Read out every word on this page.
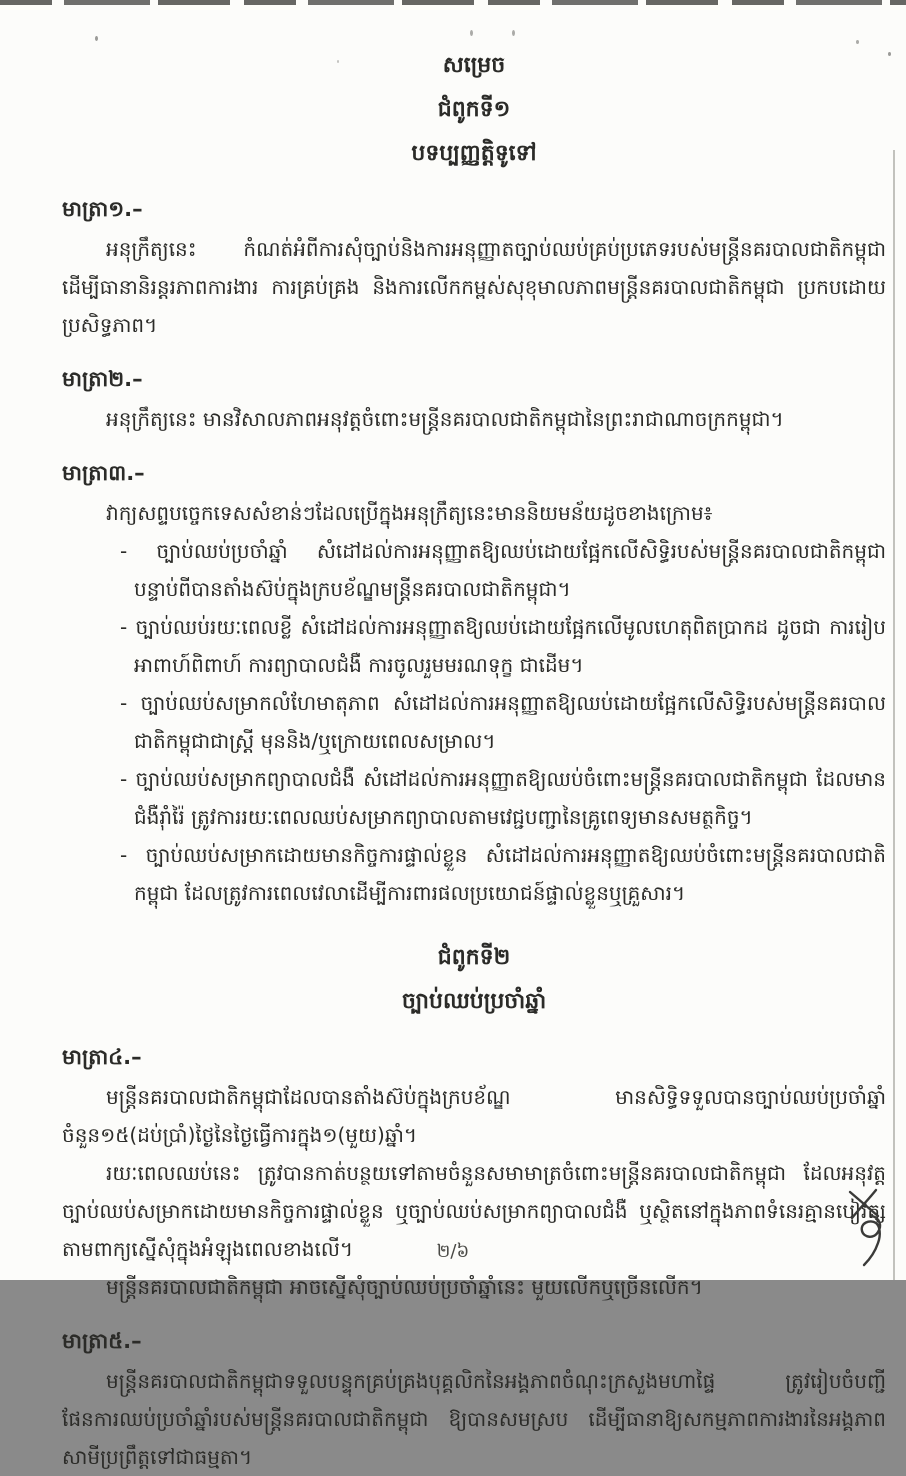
សម្រេច
ជំពូកទី១
បទប្បញ្ញត្តិទូទៅ
មាត្រា១.–

អនុក្រឹត្យនេះ កំណត់អំពីការសុំច្បាប់និងការអនុញ្ញាតច្បាប់ឈប់គ្រប់ប្រភេទរបស់មន្ត្រីនគរបាលជាតិកម្ពុជា ដើម្បីធានានិរន្តរភាពការងារ ការគ្រប់គ្រង និងការលើកកម្ពស់សុខុមាលភាពមន្ត្រីនគរបាលជាតិកម្ពុជា ប្រកបដោយប្រសិទ្ធភាព។

មាត្រា២.–

អនុក្រឹត្យនេះ មានវិសាលភាពអនុវត្តចំពោះមន្ត្រីនគរបាលជាតិកម្ពុជានៃព្រះរាជាណាចក្រកម្ពុជា។

មាត្រា៣.–

វាក្យសព្ទបច្ចេកទេសសំខាន់ៗដែលប្រើក្នុងអនុក្រឹត្យនេះមាននិយមន័យដូចខាងក្រោម៖

- ច្បាប់ឈប់ប្រចាំឆ្នាំ សំដៅដល់ការអនុញ្ញាតឱ្យឈប់ដោយផ្អែកលើសិទ្ធិរបស់មន្ត្រីនគរបាលជាតិកម្ពុជា បន្ទាប់ពីបានតាំងស៊ប់ក្នុងក្របខ័ណ្ឌមន្ត្រីនគរបាលជាតិកម្ពុជា។
- ច្បាប់ឈប់រយៈពេលខ្លី សំដៅដល់ការអនុញ្ញាតឱ្យឈប់ដោយផ្អែកលើមូលហេតុពិតប្រាកដ ដូចជា ការរៀបអាពាហ៍ពិពាហ៍ ការព្យាបាលជំងឺ ការចូលរួមមរណទុក្ខ ជាដើម។
- ច្បាប់ឈប់សម្រាកលំហែមាតុភាព សំដៅដល់ការអនុញ្ញាតឱ្យឈប់ដោយផ្អែកលើសិទ្ធិរបស់មន្ត្រីនគរបាលជាតិកម្ពុជាជាស្ត្រី មុននិង/ឬក្រោយពេលសម្រាល។
- ច្បាប់ឈប់សម្រាកព្យាបាលជំងឺ សំដៅដល់ការអនុញ្ញាតឱ្យឈប់ចំពោះមន្ត្រីនគរបាលជាតិកម្ពុជា ដែលមានជំងឺរ៉ាំរ៉ៃ ត្រូវការរយៈពេលឈប់សម្រាកព្យាបាលតាមវេជ្ជបញ្ជានៃគ្រូពេទ្យមានសមត្ថកិច្ច។
- ច្បាប់ឈប់សម្រាកដោយមានកិច្ចការផ្ទាល់ខ្លួន សំដៅដល់ការអនុញ្ញាតឱ្យឈប់ចំពោះមន្ត្រីនគរបាលជាតិកម្ពុជា ដែលត្រូវការពេលវេលាដើម្បីការពារផលប្រយោជន៍ផ្ទាល់ខ្លួនឬគ្រួសារ។
ជំពូកទី២
ច្បាប់ឈប់ប្រចាំឆ្នាំ
មាត្រា៤.–

មន្ត្រីនគរបាលជាតិកម្ពុជាដែលបានតាំងស៊ប់ក្នុងក្របខ័ណ្ឌ មានសិទ្ធិទទួលបានច្បាប់ឈប់ប្រចាំឆ្នាំ ចំនួន១៥(ដប់ប្រាំ)ថ្ងៃនៃថ្ងៃធ្វើការក្នុង១(មួយ)ឆ្នាំ។

រយៈពេលឈប់នេះ ត្រូវបានកាត់បន្ថយទៅតាមចំនួនសមាមាត្រចំពោះមន្ត្រីនគរបាលជាតិកម្ពុជា ដែលអនុវត្តច្បាប់ឈប់សម្រាកដោយមានកិច្ចការផ្ទាល់ខ្លួន ឬច្បាប់ឈប់សម្រាកព្យាបាលជំងឺ ឬស្ថិតនៅក្នុងភាពទំនេរគ្មានបៀវត្សតាមពាក្យស្នើសុំក្នុងអំឡុងពេលខាងលើ។

មន្ត្រីនគរបាលជាតិកម្ពុជា អាចស្នើសុំច្បាប់ឈប់ប្រចាំឆ្នាំនេះ មួយលើកឬច្រើនលើក។

មាត្រា៥.–

មន្ត្រីនគរបាលជាតិកម្ពុជាទទួលបន្ទុកគ្រប់គ្រងបុគ្គលិកនៃអង្គភាពចំណុះក្រសួងមហាផ្ទៃ ត្រូវរៀបចំបញ្ជីផែនការឈប់ប្រចាំឆ្នាំរបស់មន្ត្រីនគរបាលជាតិកម្ពុជា ឱ្យបានសមស្រប ដើម្បីធានាឱ្យសកម្មភាពការងារនៃអង្គភាពសាមីប្រព្រឹត្តទៅជាធម្មតា។

២/៦
